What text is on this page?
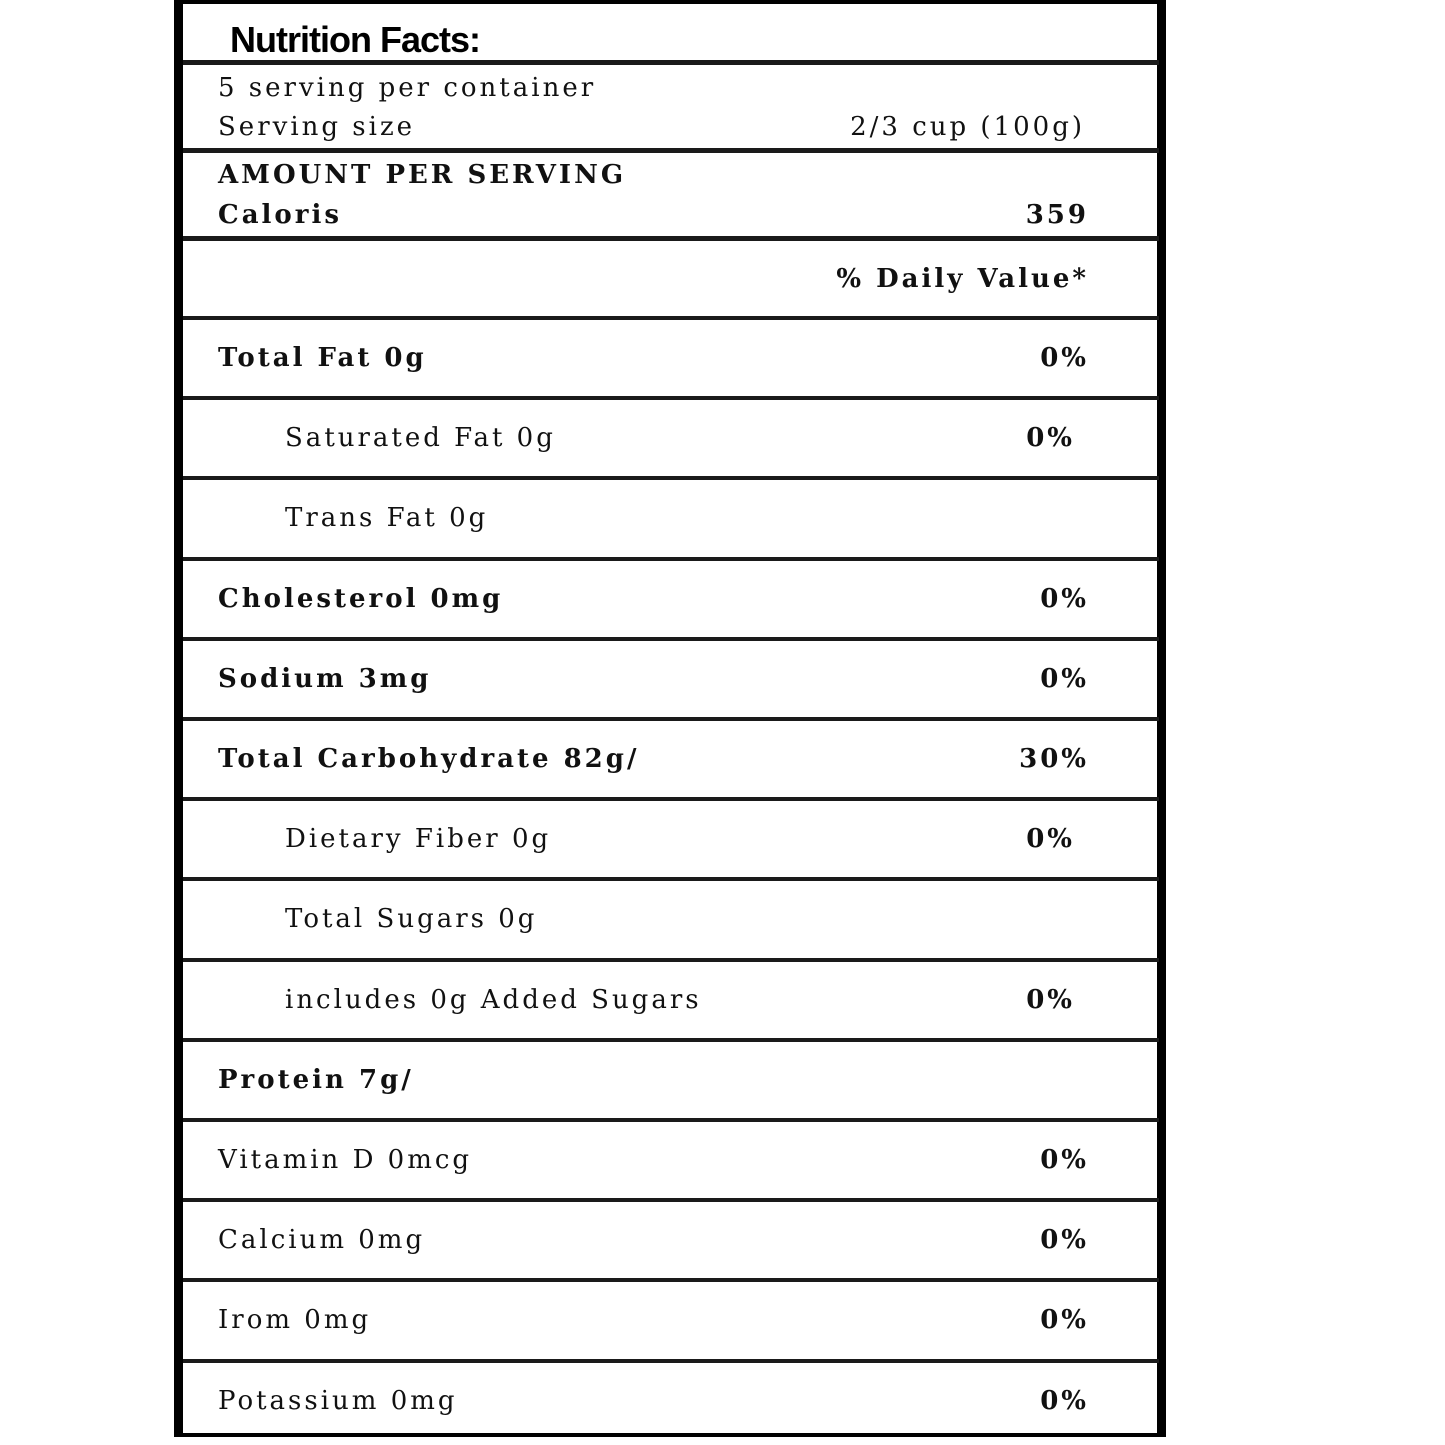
Nutrition Facts:
5 serving per container
Serving size	2/3 cup (100g)
AMOUNT PER SERVING
Caloris	359
% Daily Value*
Total Fat 0g	0%
Saturated Fat 0g	0%
Trans Fat 0g
Cholesterol 0mg	0%
Sodium 3mg	0%
Total Carbohydrate 82g/	30%
Dietary Fiber 0g	0%
Total Sugars 0g
includes 0g Added Sugars	0%
Protein 7g/
Vitamin D 0mcg	0%
Calcium 0mg	0%
Irom 0mg	0%
Potassium 0mg	0%
